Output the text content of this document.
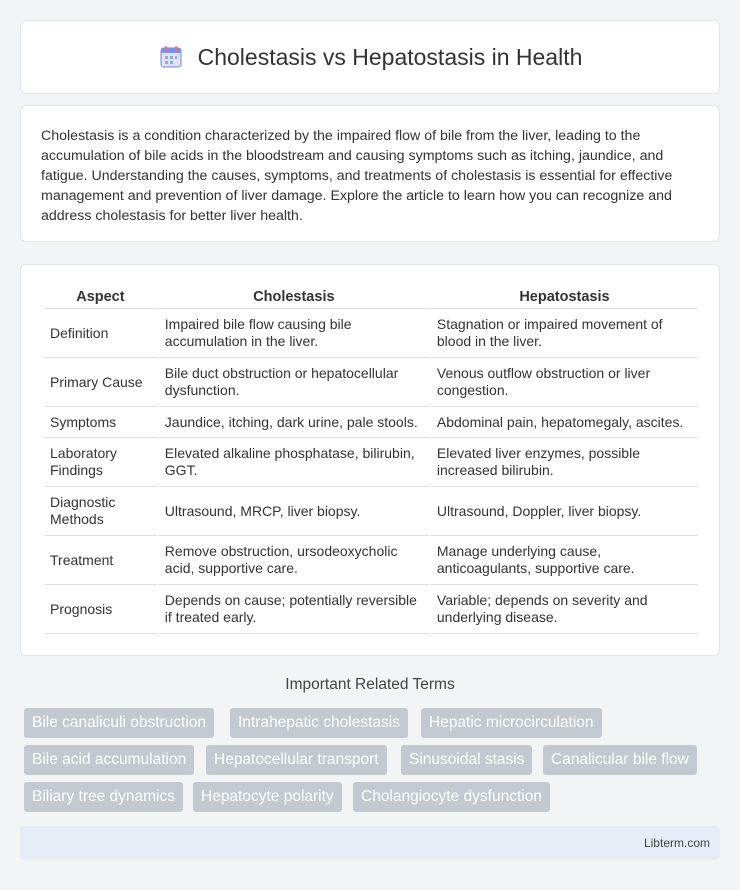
Cholestasis vs Hepatostasis in Health

Cholestasis is a condition characterized by the impaired flow of bile from the liver, leading to the accumulation of bile acids in the bloodstream and causing symptoms such as itching, jaundice, and fatigue. Understanding the causes, symptoms, and treatments of cholestasis is essential for effective management and prevention of liver damage. Explore the article to learn how you can recognize and address cholestasis for better liver health.

Aspect	Cholestasis	Hepatostasis
Definition	Impaired bile flow causing bile accumulation in the liver.	Stagnation or impaired movement of blood in the liver.
Primary Cause	Bile duct obstruction or hepatocellular dysfunction.	Venous outflow obstruction or liver congestion.
Symptoms	Jaundice, itching, dark urine, pale stools.	Abdominal pain, hepatomegaly, ascites.
Laboratory Findings	Elevated alkaline phosphatase, bilirubin, GGT.	Elevated liver enzymes, possible increased bilirubin.
Diagnostic Methods	Ultrasound, MRCP, liver biopsy.	Ultrasound, Doppler, liver biopsy.
Treatment	Remove obstruction, ursodeoxycholic acid, supportive care.	Manage underlying cause, anticoagulants, supportive care.
Prognosis	Depends on cause; potentially reversible if treated early.	Variable; depends on severity and underlying disease.
Important Related Terms
Bile canaliculi obstruction	Intrahepatic cholestasis	Hepatic microcirculation
Bile acid accumulation	Hepatocellular transport	Sinusoidal stasis	Canalicular bile flow
Biliary tree dynamics	Hepatocyte polarity	Cholangiocyte dysfunction
Libterm.com
